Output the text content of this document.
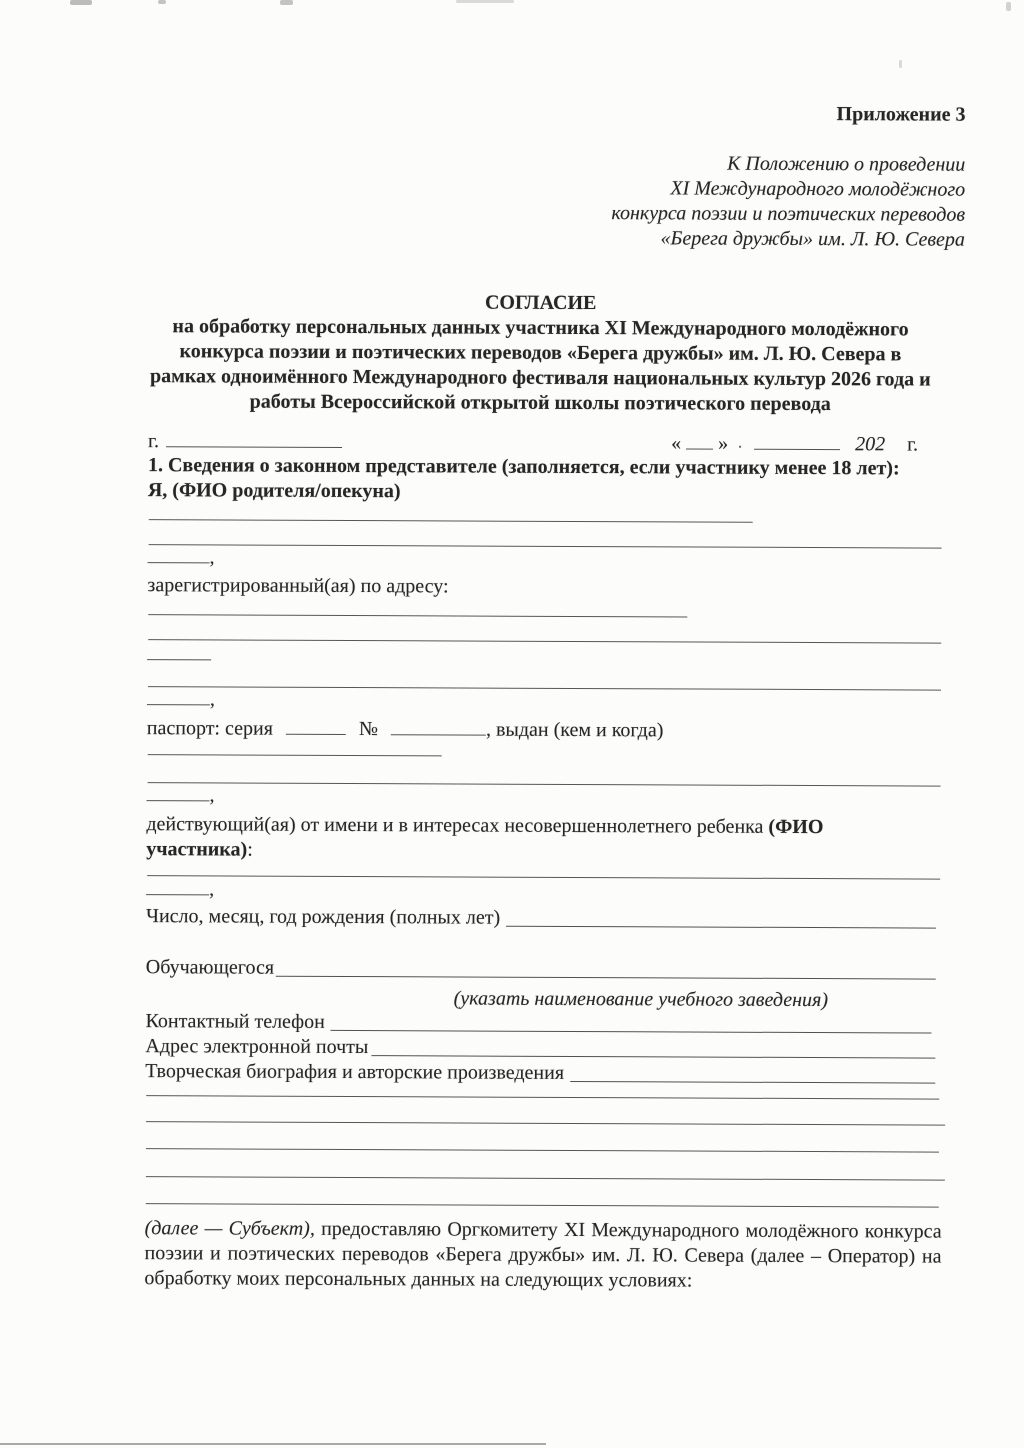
Приложение 3
К Положению о проведении
XI Международного молодёжного
конкурса поэзии и поэтических переводов
«Берега дружбы» им. Л. Ю. Севера
СОГЛАСИЕ
на обработку персональных данных участника XI Международного молодёжного
конкурса поэзии и поэтических переводов «Берега дружбы» им. Л. Ю. Севера в
рамках одноимённого Международного фестиваля национальных культур 2026 года и
работы Всероссийской открытой школы поэтического перевода
г.	« »	202 г.
1. Сведения о законном представителе (заполняется, если участнику менее 18 лет):
Я, (ФИО родителя/опекуна)
,
зарегистрированный(ая) по адресу:
,
паспорт: серия	№	, выдан (кем и когда)
,
действующий(ая) от имени и в интересах несовершеннолетнего ребенка (ФИО
участника):
,
Число, месяц, год рождения (полных лет)
Обучающегося
(указать наименование учебного заведения)
Контактный телефон
Адрес электронной почты
Творческая биография и авторские произведения
(далее — Субъект), предоставляю Оргкомитету XI Международного молодёжного конкурса поэзии и поэтических переводов «Берега дружбы» им. Л. Ю. Севера (далее – Оператор) на обработку моих персональных данных на следующих условиях:
